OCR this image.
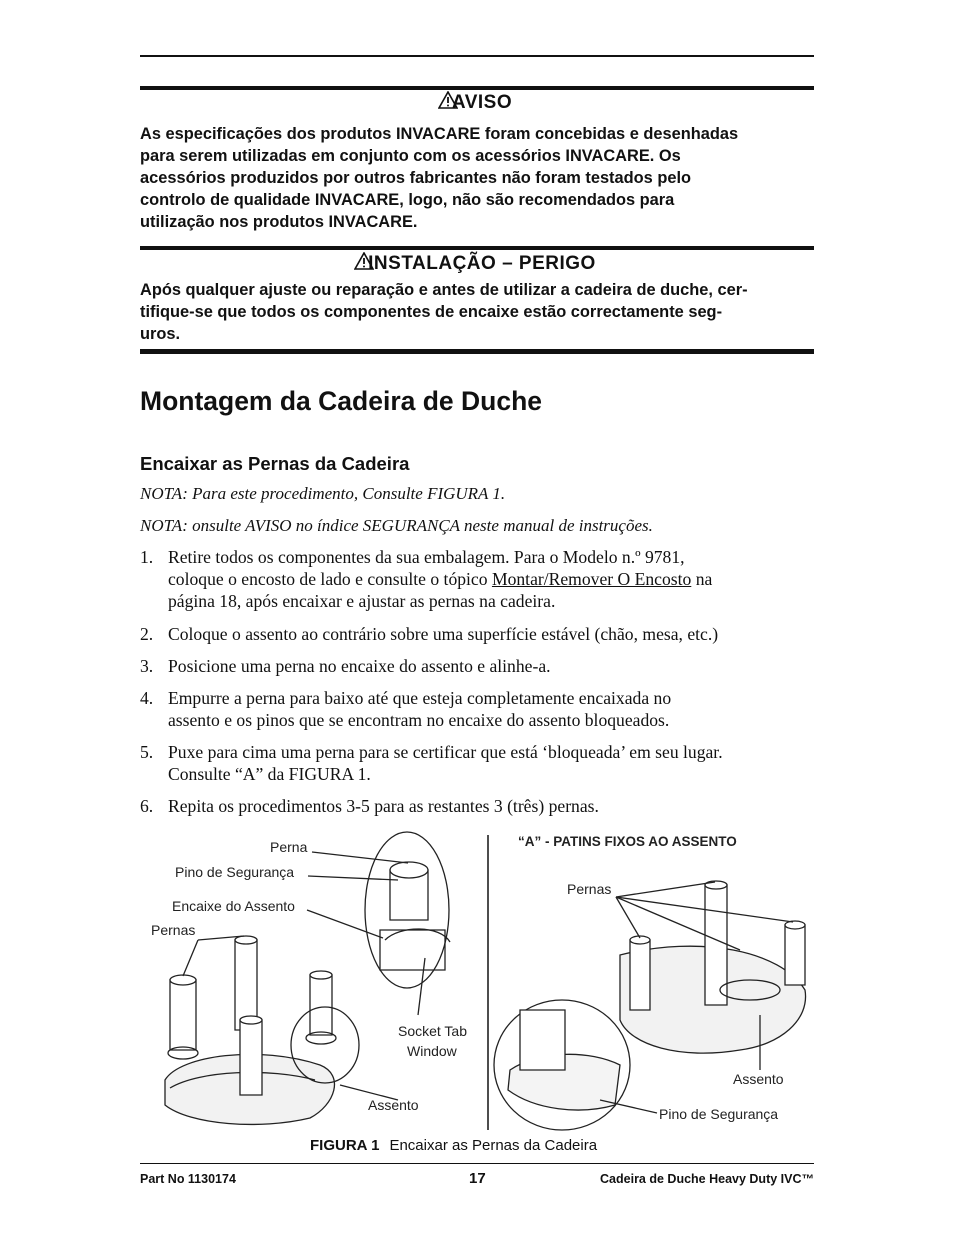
AVISO
As especificações dos produtos INVACARE foram concebidas e desenhadas
para serem utilizadas em conjunto com os acessórios INVACARE. Os
acessórios produzidos por outros fabricantes não foram testados pelo
controlo de qualidade INVACARE, logo, não são recomendados para
utilização nos produtos INVACARE.
INSTALAÇÃO – PERIGO
Após qualquer ajuste ou reparação e antes de utilizar a cadeira de duche, cer-
tifique-se que todos os componentes de encaixe estão correctamente seg-
uros.
Montagem da Cadeira de Duche
Encaixar as Pernas da Cadeira
NOTA: Para este procedimento, Consulte FIGURA 1.
NOTA: onsulte AVISO no índice SEGURANÇA neste manual de instruções.
1. Retire todos os componentes da sua embalagem. Para o Modelo n.º 9781,
coloque o encosto de lado e consulte o tópico Montar/Remover O Encosto na
página 18, após encaixar e ajustar as pernas na cadeira.
2. Coloque o assento ao contrário sobre uma superfície estável (chão, mesa, etc.)
3. Posicione uma perna no encaixe do assento e alinhe-a.
4. Empurre a perna para baixo até que esteja completamente encaixada no
assento e os pinos que se encontram no encaixe do assento bloqueados.
5. Puxe para cima uma perna para se certificar que está ‘bloqueada’ em seu lugar.
Consulte “A” da FIGURA 1.
6. Repita os procedimentos 3-5 para as restantes 3 (três) pernas.
Perna
Pino de Segurança
Encaixe do Assento
Pernas
Socket Tab
Window
Assento
“A” - PATINS FIXOS AO ASSENTO
Pernas
Assento
Pino de Segurança
FIGURA 1 Encaixar as Pernas da Cadeira
Part No 1130174	17	Cadeira de Duche Heavy Duty IVC™
